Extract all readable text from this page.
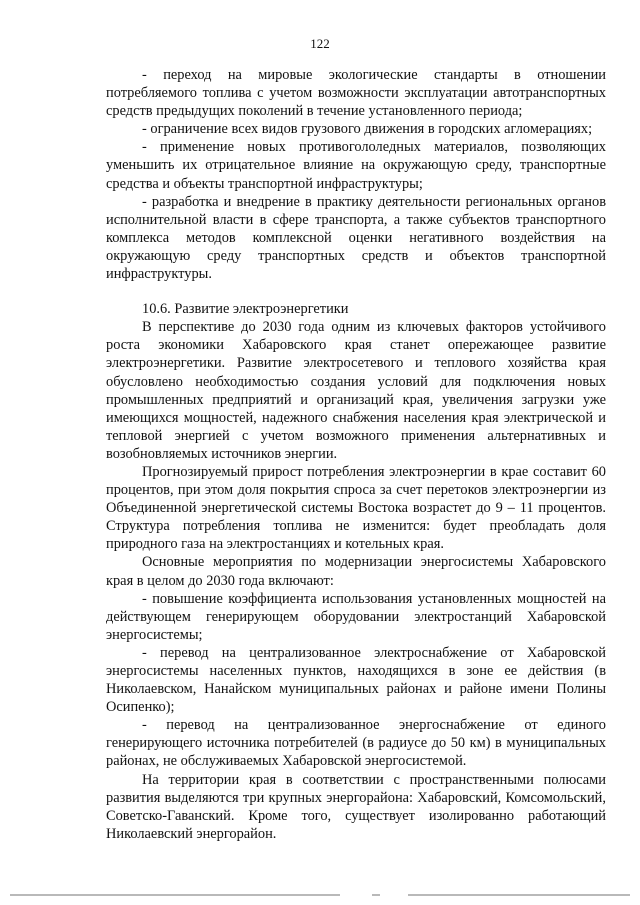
122

- переход на мировые экологические стандарты в отношении потребляемого топлива с учетом возможности эксплуатации автотранспортных средств предыдущих поколений в течение установленного периода;

- ограничение всех видов грузового движения в городских агломерациях;

- применение новых противогололедных материалов, позволяющих уменьшить их отрицательное влияние на окружающую среду, транспортные средства и объекты транспортной инфраструктуры;

- разработка и внедрение в практику деятельности региональных органов исполнительной власти в сфере транспорта, а также субъектов транспортного комплекса методов комплексной оценки негативного воздействия на окружающую среду транспортных средств и объектов транспортной инфраструктуры.

10.6. Развитие электроэнергетики

В перспективе до 2030 года одним из ключевых факторов устойчивого роста экономики Хабаровского края станет опережающее развитие электроэнергетики. Развитие электросетевого и теплового хозяйства края обусловлено необходимостью создания условий для подключения новых промышленных предприятий и организаций края, увеличения загрузки уже имеющихся мощностей, надежного снабжения населения края электрической и тепловой энергией с учетом возможного применения альтернативных и возобновляемых источников энергии.

Прогнозируемый прирост потребления электроэнергии в крае составит 60 процентов, при этом доля покрытия спроса за счет перетоков электроэнергии из Объединенной энергетической системы Востока возрастет до 9 – 11 процентов. Структура потребления топлива не изменится: будет преобладать доля природного газа на электростанциях и котельных края.

Основные мероприятия по модернизации энергосистемы Хабаровского края в целом до 2030 года включают:

- повышение коэффициента использования установленных мощностей на действующем генерирующем оборудовании электростанций Хабаровской энергосистемы;

- перевод на централизованное электроснабжение от Хабаровской энергосистемы населенных пунктов, находящихся в зоне ее действия (в Николаевском, Нанайском муниципальных районах и районе имени Полины Осипенко);

- перевод на централизованное энергоснабжение от единого генерирующего источника потребителей (в радиусе до 50 км) в муниципальных районах, не обслуживаемых Хабаровской энергосистемой.

На территории края в соответствии с пространственными полюсами развития выделяются три крупных энергорайона: Хабаровский, Комсомольский, Советско-Гаванский. Кроме того, существует изолированно работающий Николаевский энергорайон.
